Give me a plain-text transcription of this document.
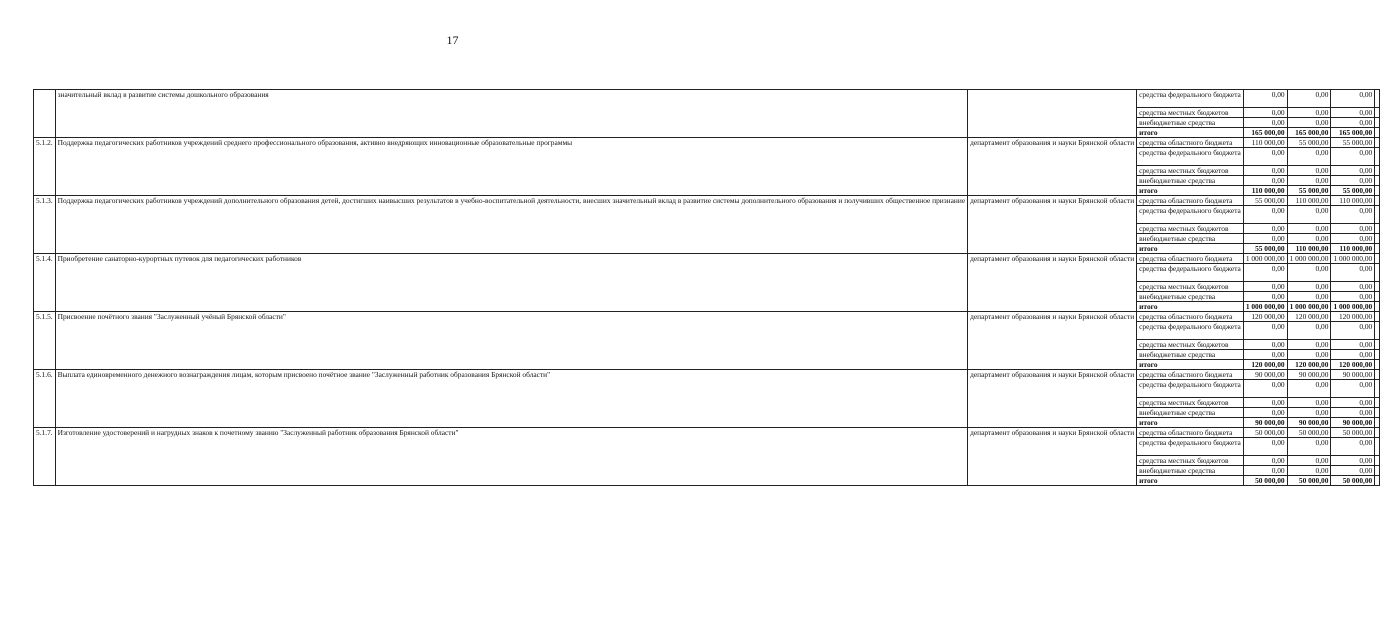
17
	значительный вклад в развитие системы дошкольного образования		средства федерального бюджета	0,00	0,00	0,00	
			средства местных бюджетов	0,00	0,00	0,00	
			внебюджетные средства	0,00	0,00	0,00	
			итого	165 000,00	165 000,00	165 000,00	
5.1.2.	Поддержка педагогических работников учреждений среднего профессионального образования, активно внедряющих инновационные образовательные программы	департамент образования и науки Брянской области	средства областного бюджета	110 000,00	55 000,00	55 000,00	
			средства федерального бюджета	0,00	0,00	0,00	
			средства местных бюджетов	0,00	0,00	0,00	
			внебюджетные средства	0,00	0,00	0,00	
			итого	110 000,00	55 000,00	55 000,00	
5.1.3.	Поддержка педагогических работников учреждений дополнительного образования детей, достигших наивысших результатов в учебно-воспитательной деятельности, внесших значительный вклад в развитие системы дополнительного образования и получивших общественное признание	департамент образования и науки Брянской области	средства областного бюджета	55 000,00	110 000,00	110 000,00	
			средства федерального бюджета	0,00	0,00	0,00	
			средства местных бюджетов	0,00	0,00	0,00	
			внебюджетные средства	0,00	0,00	0,00	
			итого	55 000,00	110 000,00	110 000,00	
5.1.4.	Приобретение санаторно-курортных путевок для педагогических работников	департамент образования и науки Брянской области	средства областного бюджета	1 000 000,00	1 000 000,00	1 000 000,00	
			средства федерального бюджета	0,00	0,00	0,00	
			средства местных бюджетов	0,00	0,00	0,00	
			внебюджетные средства	0,00	0,00	0,00	
			итого	1 000 000,00	1 000 000,00	1 000 000,00	
5.1.5.	Присвоение почётного звания "Заслуженный учёный Брянской области"	департамент образования и науки Брянской области	средства областного бюджета	120 000,00	120 000,00	120 000,00	
			средства федерального бюджета	0,00	0,00	0,00	
			средства местных бюджетов	0,00	0,00	0,00	
			внебюджетные средства	0,00	0,00	0,00	
			итого	120 000,00	120 000,00	120 000,00	
5.1.6.	Выплата единовременного денежного вознаграждения лицам, которым присвоено почётное звание "Заслуженный работник образования Брянской области"	департамент образования и науки Брянской области	средства областного бюджета	90 000,00	90 000,00	90 000,00	
			средства федерального бюджета	0,00	0,00	0,00	
			средства местных бюджетов	0,00	0,00	0,00	
			внебюджетные средства	0,00	0,00	0,00	
			итого	90 000,00	90 000,00	90 000,00	
5.1.7.	Изготовление удостоверений и нагрудных знаков к почетному званию "Заслуженный работник образования Брянской области"	департамент образования и науки Брянской области	средства областного бюджета	50 000,00	50 000,00	50 000,00	
			средства федерального бюджета	0,00	0,00	0,00	
			средства местных бюджетов	0,00	0,00	0,00	
			внебюджетные средства	0,00	0,00	0,00	
			итого	50 000,00	50 000,00	50 000,00	
